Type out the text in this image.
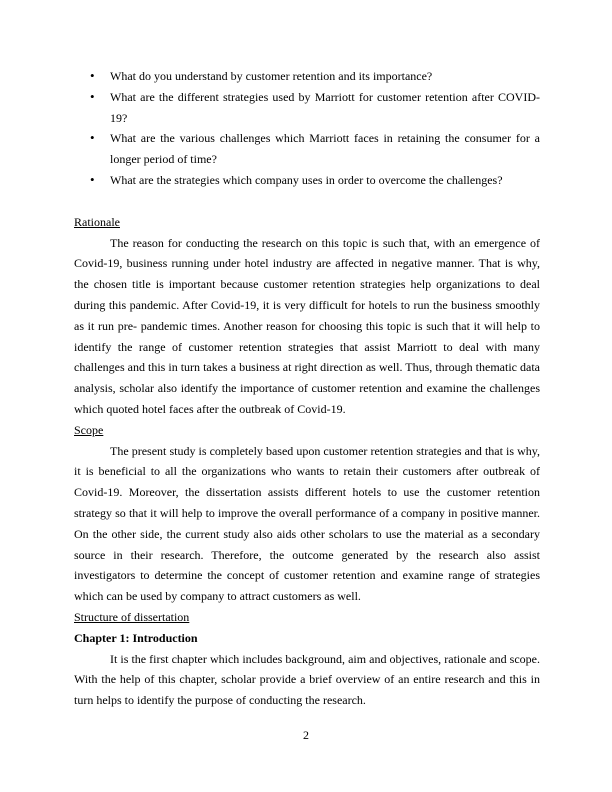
• What do you understand by customer retention and its importance?
• What are the different strategies used by Marriott for customer retention after COVID-19?
• What are the various challenges which Marriott faces in retaining the consumer for a longer period of time?
• What are the strategies which company uses in order to overcome the challenges?

Rationale

The reason for conducting the research on this topic is such that, with an emergence of Covid-19, business running under hotel industry are affected in negative manner. That is why, the chosen title is important because customer retention strategies help organizations to deal during this pandemic. After Covid-19, it is very difficult for hotels to run the business smoothly as it run pre- pandemic times. Another reason for choosing this topic is such that it will help to identify the range of customer retention strategies that assist Marriott to deal with many challenges and this in turn takes a business at right direction as well. Thus, through thematic data analysis, scholar also identify the importance of customer retention and examine the challenges which quoted hotel faces after the outbreak of Covid-19.

Scope

The present study is completely based upon customer retention strategies and that is why, it is beneficial to all the organizations who wants to retain their customers after outbreak of Covid-19. Moreover, the dissertation assists different hotels to use the customer retention strategy so that it will help to improve the overall performance of a company in positive manner. On the other side, the current study also aids other scholars to use the material as a secondary source in their research. Therefore, the outcome generated by the research also assist investigators to determine the concept of customer retention and examine range of strategies which can be used by company to attract customers as well.

Structure of dissertation

Chapter 1: Introduction

It is the first chapter which includes background, aim and objectives, rationale and scope. With the help of this chapter, scholar provide a brief overview of an entire research and this in turn helps to identify the purpose of conducting the research.

2
